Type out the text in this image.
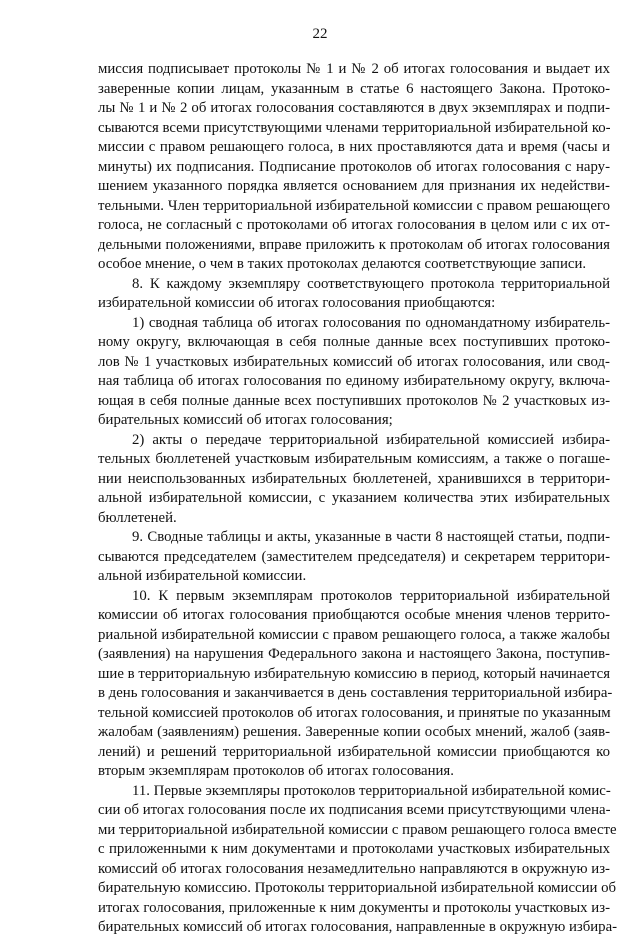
22
миссия подписывает протоколы № 1 и № 2 об итогах голосования и выдает их
заверенные копии лицам, указанным в статье 6 настоящего Закона. Протоко-
лы № 1 и № 2 об итогах голосования составляются в двух экземплярах и подпи-
сываются всеми присутствующими членами территориальной избирательной ко-
миссии с правом решающего голоса, в них проставляются дата и время (часы и
минуты) их подписания. Подписание протоколов об итогах голосования с нару-
шением указанного порядка является основанием для признания их недействи-
тельными. Член территориальной избирательной комиссии с правом решающего
голоса, не согласный с протоколами об итогах голосования в целом или с их от-
дельными положениями, вправе приложить к протоколам об итогах голосования
особое мнение, о чем в таких протоколах делаются соответствующие записи.
8. К каждому экземпляру соответствующего протокола территориальной
избирательной комиссии об итогах голосования приобщаются:
1) сводная таблица об итогах голосования по одномандатному избиратель-
ному округу, включающая в себя полные данные всех поступивших протоко-
лов № 1 участковых избирательных комиссий об итогах голосования, или свод-
ная таблица об итогах голосования по единому избирательному округу, включа-
ющая в себя полные данные всех поступивших протоколов № 2 участковых из-
бирательных комиссий об итогах голосования;
2) акты о передаче территориальной избирательной комиссией избира-
тельных бюллетеней участковым избирательным комиссиям, а также о погаше-
нии неиспользованных избирательных бюллетеней, хранившихся в территори-
альной избирательной комиссии, с указанием количества этих избирательных
бюллетеней.
9. Сводные таблицы и акты, указанные в части 8 настоящей статьи, подпи-
сываются председателем (заместителем председателя) и секретарем территори-
альной избирательной комиссии.
10. К первым экземплярам протоколов территориальной избирательной
комиссии об итогах голосования приобщаются особые мнения членов террито-
риальной избирательной комиссии с правом решающего голоса, а также жалобы
(заявления) на нарушения Федерального закона и настоящего Закона, поступив-
шие в территориальную избирательную комиссию в период, который начинается
в день голосования и заканчивается в день составления территориальной избира-
тельной комиссией протоколов об итогах голосования, и принятые по указанным
жалобам (заявлениям) решения. Заверенные копии особых мнений, жалоб (заяв-
лений) и решений территориальной избирательной комиссии приобщаются ко
вторым экземплярам протоколов об итогах голосования.
11. Первые экземпляры протоколов территориальной избирательной комис-
сии об итогах голосования после их подписания всеми присутствующими члена-
ми территориальной избирательной комиссии с правом решающего голоса вместе
с приложенными к ним документами и протоколами участковых избирательных
комиссий об итогах голосования незамедлительно направляются в окружную из-
бирательную комиссию. Протоколы территориальной избирательной комиссии об
итогах голосования, приложенные к ним документы и протоколы участковых из-
бирательных комиссий об итогах голосования, направленные в окружную избира-
